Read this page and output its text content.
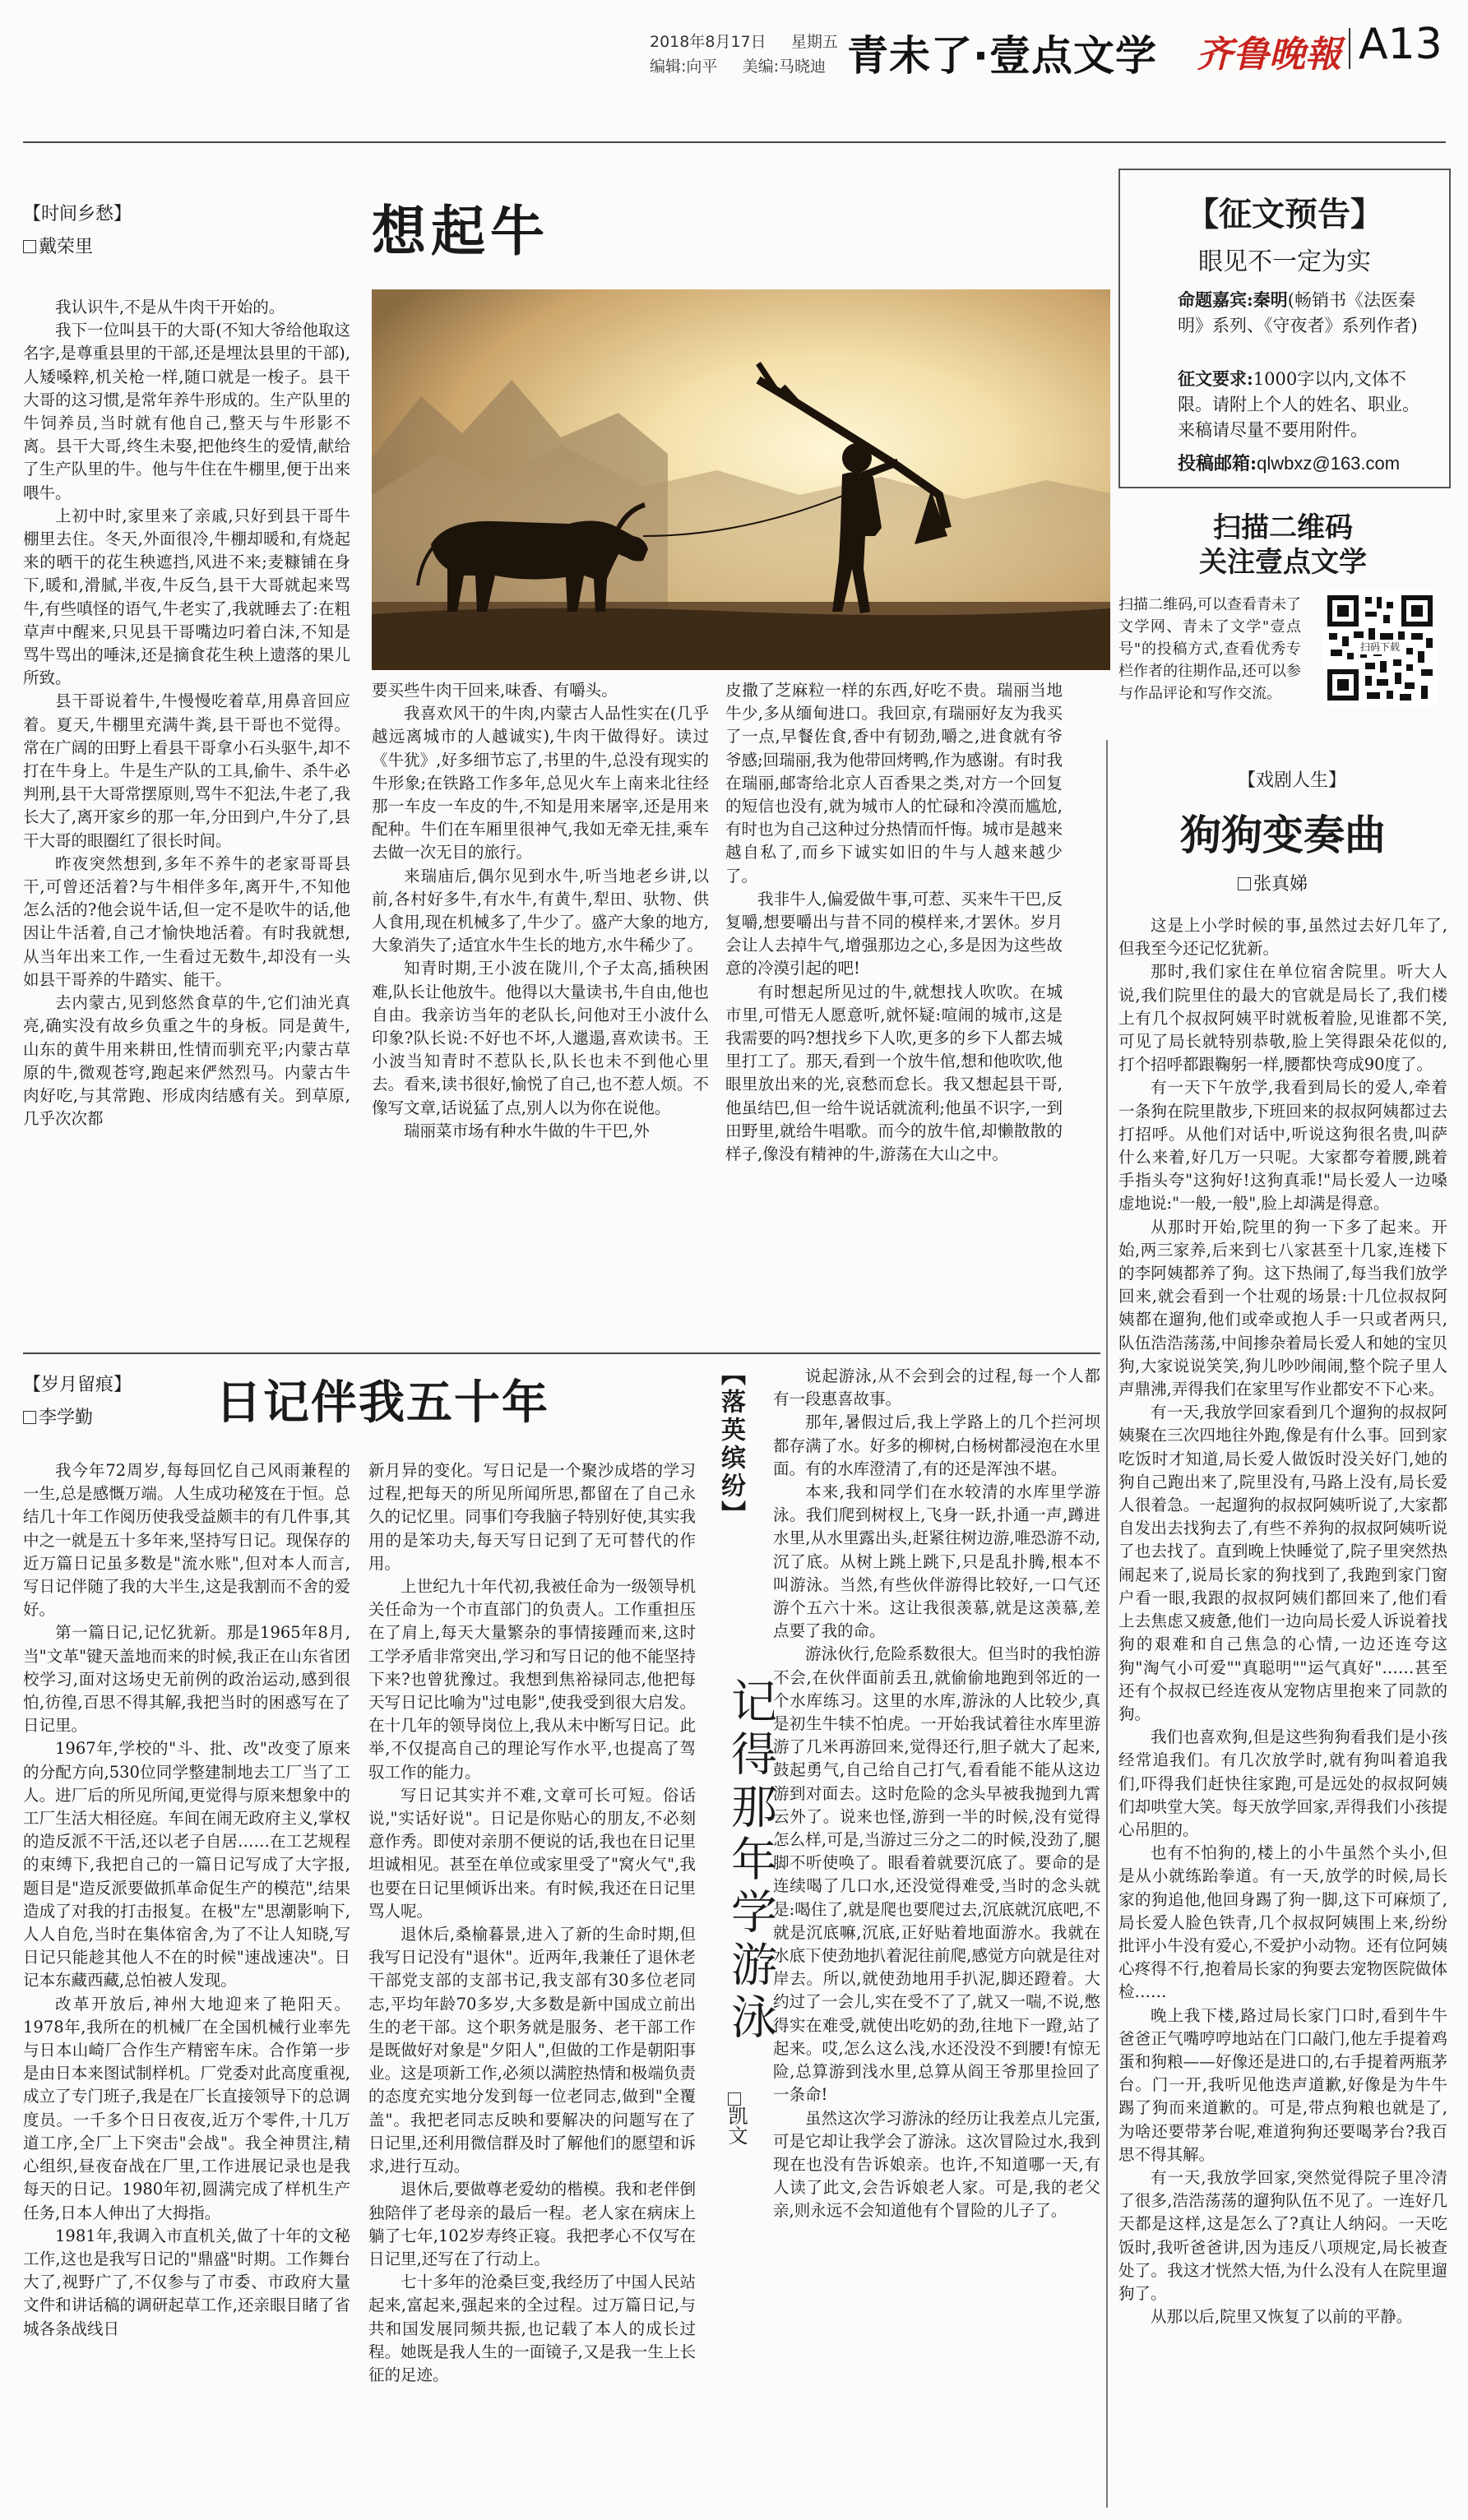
2018年8月17日 星期五
编辑:向平 美编:马晓迪 青未了·壹点文学 齐鲁晚報 A13
【时间乡愁】
戴荣里	想起牛

我认识牛,不是从牛肉干开始的。

我下一位叫县干的大哥(不知大爷给他取这名字,是尊重县里的干部,还是埋汰县里的干部),人矮嗓粹,机关枪一样,随口就是一梭子。县干大哥的这习惯,是常年养牛形成的。生产队里的牛饲养员,当时就有他自己,整天与牛形影不离。县干大哥,终生未娶,把他终生的爱情,献给了生产队里的牛。他与牛住在牛棚里,便于出来喂牛。

上初中时,家里来了亲戚,只好到县干哥牛棚里去住。冬天,外面很冷,牛棚却暖和,有烧起来的晒干的花生秧遮挡,风进不来;麦糠铺在身下,暖和,滑腻,半夜,牛反刍,县干大哥就起来骂牛,有些嗔怪的语气,牛老实了,我就睡去了:在粗草声中醒来,只见县干哥嘴边叼着白沫,不知是骂牛骂出的唾沫,还是摘食花生秧上遗落的果儿所致。

县干哥说着牛,牛慢慢吃着草,用鼻音回应着。夏天,牛棚里充满牛粪,县干哥也不觉得。常在广阔的田野上看县干哥拿小石头驱牛,却不打在牛身上。牛是生产队的工具,偷牛、杀牛必判刑,县干大哥常摆原则,骂牛不犯法,牛老了,我长大了,离开家乡的那一年,分田到户,牛分了,县干大哥的眼圈红了很长时间。

昨夜突然想到,多年不养牛的老家哥哥县干,可曾还活着?与牛相伴多年,离开牛,不知他怎么活的?他会说牛话,但一定不是吹牛的话,他因让牛活着,自己才愉快地活着。有时我就想,从当年出来工作,一生看过无数牛,却没有一头如县干哥养的牛踏实、能干。

去内蒙古,见到悠然食草的牛,它们油光真亮,确实没有故乡负重之牛的身板。同是黄牛,山东的黄牛用来耕田,性情而驯充平;内蒙古草原的牛,微观苍穹,跑起来俨然烈马。内蒙古牛肉好吃,与其常跑、形成肉结感有关。到草原,几乎次次都

要买些牛肉干回来,味香、有嚼头。

我喜欢风干的牛肉,内蒙古人品性实在(几乎越远离城市的人越诚实),牛肉干做得好。读过《牛犹》,好多细节忘了,书里的牛,总没有现实的牛形象;在铁路工作多年,总见火车上南来北往经那一车皮一车皮的牛,不知是用来屠宰,还是用来配种。牛们在车厢里很神气,我如无牵无挂,乘车去做一次无目的旅行。

来瑞庙后,偶尔见到水牛,听当地老乡讲,以前,各村好多牛,有水牛,有黄牛,犁田、驮物、供人食用,现在机械多了,牛少了。盛产大象的地方,大象消失了;适宜水牛生长的地方,水牛稀少了。

知青时期,王小波在陇川,个子太高,插秧困难,队长让他放牛。他得以大量读书,牛自由,他也自由。我亲访当年的老队长,问他对王小波什么印象?队长说:不好也不坏,人邋遢,喜欢读书。王小波当知青时不惹队长,队长也未不到他心里去。看来,读书很好,愉悦了自己,也不惹人烦。不像写文章,话说猛了点,别人以为你在说他。

瑞丽菜市场有种水牛做的牛干巴,外

皮撒了芝麻粒一样的东西,好吃不贵。瑞丽当地牛少,多从缅甸进口。我回京,有瑞丽好友为我买了一点,早餐佐食,香中有韧劲,嚼之,进食就有爷爷感;回瑞丽,我为他带回烤鸭,作为感谢。有时我在瑞丽,邮寄给北京人百香果之类,对方一个回复的短信也没有,就为城市人的忙碌和冷漠而尴尬,有时也为自己这种过分热情而忏悔。城市是越来越自私了,而乡下诚实如旧的牛与人越来越少了。

我非牛人,偏爱做牛事,可惹、买来牛干巴,反复嚼,想要嚼出与昔不同的模样来,才罢休。岁月会让人去掉牛气,增强那边之心,多是因为这些故意的冷漠引起的吧!

有时想起所见过的牛,就想找人吹吹。在城市里,可惜无人愿意听,就怀疑:喧闹的城市,这是我需要的吗?想找乡下人吹,更多的乡下人都去城里打工了。那天,看到一个放牛倌,想和他吹吹,他眼里放出来的光,哀愁而怠长。我又想起县干哥,他虽结巴,但一给牛说话就流利;他虽不识字,一到田野里,就给牛唱歌。而今的放牛倌,却懒散散的样子,像没有精神的牛,游荡在大山之中。

【征文预告】
眼见不一定为实
命题嘉宾:秦明(畅销书《法医秦明》系列、《守夜者》系列作者)
征文要求:1000字以内,文体不限。请附上个人的姓名、职业。来稿请尽量不要用附件。
投稿邮箱:qlwbxz@163.com
扫描二维码
关注壹点文学
扫描二维码,可以查看青未了文学网、青未了文学"壹点号"的投稿方式,查看优秀专栏作者的往期作品,还可以参与作品评论和写作交流。
扫码下载
【戏剧人生】
狗狗变奏曲
张真娣

这是上小学时候的事,虽然过去好几年了,但我至今还记忆犹新。

那时,我们家住在单位宿舍院里。听大人说,我们院里住的最大的官就是局长了,我们楼上有几个叔叔阿姨平时就板着脸,见谁都不笑,可见了局长就特别恭敬,脸上笑得跟朵花似的,打个招呼都跟鞠躬一样,腰都快弯成90度了。

有一天下午放学,我看到局长的爱人,牵着一条狗在院里散步,下班回来的叔叔阿姨都过去打招呼。从他们对话中,听说这狗很名贵,叫萨什么来着,好几万一只呢。大家都夸着腰,跳着手指头夸"这狗好!这狗真乖!"局长爱人一边嗓虚地说:"一般,一般",脸上却满是得意。

从那时开始,院里的狗一下多了起来。开始,两三家养,后来到七八家甚至十几家,连楼下的李阿姨都养了狗。这下热闹了,每当我们放学回来,就会看到一个壮观的场景:十几位叔叔阿姨都在遛狗,他们或牵或抱人手一只或者两只,队伍浩浩荡荡,中间掺杂着局长爱人和她的宝贝狗,大家说说笑笑,狗儿吵吵闹闹,整个院子里人声鼎沸,弄得我们在家里写作业都安不下心来。

有一天,我放学回家看到几个遛狗的叔叔阿姨聚在三次四地往外跑,像是有什么事。回到家吃饭时才知道,局长爱人做饭时没关好门,她的狗自己跑出来了,院里没有,马路上没有,局长爱人很着急。一起遛狗的叔叔阿姨听说了,大家都自发出去找狗去了,有些不养狗的叔叔阿姨听说了也去找了。直到晚上快睡觉了,院子里突然热闹起来了,说局长家的狗找到了,我跑到家门窗户看一眼,我跟的叔叔阿姨们都回来了,他们看上去焦虑又疲惫,他们一边向局长爱人诉说着找狗的艰难和自己焦急的心情,一边还连夸这狗"淘气小可爱""真聪明""运气真好"……甚至还有个叔叔已经连夜从宠物店里抱来了同款的狗。

我们也喜欢狗,但是这些狗狗看我们是小孩经常追我们。有几次放学时,就有狗叫着追我们,吓得我们赶快往家跑,可是远处的叔叔阿姨们却哄堂大笑。每天放学回家,弄得我们小孩提心吊胆的。

也有不怕狗的,楼上的小牛虽然个头小,但是从小就练跆拳道。有一天,放学的时候,局长家的狗追他,他回身踢了狗一脚,这下可麻烦了,局长爱人脸色铁青,几个叔叔阿姨围上来,纷纷批评小牛没有爱心,不爱护小动物。还有位阿姨心疼得不行,抱着局长家的狗要去宠物医院做体检……

晚上我下楼,路过局长家门口时,看到牛牛爸爸正气嘴哼哼地站在门口敲门,他左手提着鸡蛋和狗粮——好像还是进口的,右手提着两瓶茅台。门一开,我听见他迭声道歉,好像是为牛牛踢了狗而来道歉的。可是,带点狗粮也就是了,为啥还要带茅台呢,难道狗狗还要喝茅台?我百思不得其解。

有一天,我放学回家,突然觉得院子里冷清了很多,浩浩荡荡的遛狗队伍不见了。一连好几天都是这样,这是怎么了?真让人纳闷。一天吃饭时,我听爸爸讲,因为违反八项规定,局长被查处了。我这才恍然大悟,为什么没有人在院里遛狗了。

从那以后,院里又恢复了以前的平静。

【岁月留痕】
李学勤	日记伴我五十年

我今年72周岁,每每回忆自己风雨兼程的一生,总是感慨万端。人生成功秘笈在于恒。总结几十年工作阅历使我受益颇丰的有几件事,其中之一就是五十多年来,坚持写日记。现保存的近万篇日记虽多数是"流水账",但对本人而言,写日记伴随了我的大半生,这是我割而不舍的爱好。

第一篇日记,记忆犹新。那是1965年8月,当"文革"键天盖地而来的时候,我正在山东省团校学习,面对这场史无前例的政治运动,感到很怕,彷徨,百思不得其解,我把当时的困惑写在了日记里。

1967年,学校的"斗、批、改"改变了原来的分配方向,530位同学整建制地去工厂当了工人。进厂后的所见所闻,更觉得与原来想象中的工厂生活大相径庭。车间在闹无政府主义,掌权的造反派不干活,还以老子自居……在工艺规程的束缚下,我把自己的一篇日记写成了大字报,题目是"造反派要做抓革命促生产的模范",结果造成了对我的打击报复。在极"左"思潮影响下,人人自危,当时在集体宿舍,为了不让人知晓,写日记只能趁其他人不在的时候"速战速决"。日记本东藏西藏,总怕被人发现。

改革开放后,神州大地迎来了艳阳天。1978年,我所在的机械厂在全国机械行业率先与日本山崎厂合作生产精密车床。合作第一步是由日本来图试制样机。厂党委对此高度重视,成立了专门班子,我是在厂长直接领导下的总调度员。一千多个日日夜夜,近万个零件,十几万道工序,全厂上下突击"会战"。我全神贯注,精心组织,昼夜奋战在厂里,工作进展记录也是我每天的日记。1980年初,圆满完成了样机生产任务,日本人伸出了大拇指。

1981年,我调入市直机关,做了十年的文秘工作,这也是我写日记的"鼎盛"时期。工作舞台大了,视野广了,不仅参与了市委、市政府大量文件和讲话稿的调研起草工作,还亲眼目睹了省城各条战线日

新月异的变化。写日记是一个聚沙成塔的学习过程,把每天的所见所闻所思,都留在了自己永久的记忆里。同事们夸我脑子特别好使,其实我用的是笨功夫,每天写日记到了无可替代的作用。

上世纪九十年代初,我被任命为一级领导机关任命为一个市直部门的负责人。工作重担压在了肩上,每天大量繁杂的事情接踵而来,这时工学矛盾非常突出,学习和写日记的他不能坚持下来?也曾犹豫过。我想到焦裕禄同志,他把每天写日记比喻为"过电影",使我受到很大启发。在十几年的领导岗位上,我从未中断写日记。此举,不仅提高自己的理论写作水平,也提高了驾驭工作的能力。

写日记其实并不难,文章可长可短。俗话说,"实话好说"。日记是你贴心的朋友,不必刻意作秀。即使对亲朋不便说的话,我也在日记里坦诚相见。甚至在单位或家里受了"窝火气",我也要在日记里倾诉出来。有时候,我还在日记里骂人呢。

退休后,桑榆暮景,进入了新的生命时期,但我写日记没有"退休"。近两年,我兼任了退休老干部党支部的支部书记,我支部有30多位老同志,平均年龄70多岁,大多数是新中国成立前出生的老干部。这个职务就是服务、老干部工作是既做好对象是"夕阳人",但做的工作是朝阳事业。这是项新工作,必须以满腔热情和极端负责的态度充实地分发到每一位老同志,做到"全覆盖"。我把老同志反映和要解决的问题写在了日记里,还利用微信群及时了解他们的愿望和诉求,进行互动。

退休后,要做尊老爱幼的楷模。我和老伴倒独陪伴了老母亲的最后一程。老人家在病床上躺了七年,102岁寿终正寝。我把孝心不仅写在日记里,还写在了行动上。

七十多年的沧桑巨变,我经历了中国人民站起来,富起来,强起来的全过程。过万篇日记,与共和国发展同频共振,也记载了本人的成长过程。她既是我人生的一面镜子,又是我一生上长征的足迹。

【落英缤纷】
记得那年学游泳
凯文

说起游泳,从不会到会的过程,每一个人都有一段惠喜故事。

那年,暑假过后,我上学路上的几个拦河坝都存满了水。好多的柳树,白杨树都浸泡在水里面。有的水库澄清了,有的还是浑浊不堪。

本来,我和同学们在水较清的水库里学游泳。我们爬到树杈上,飞身一跃,扑通一声,蹲进水里,从水里露出头,赶紧往树边游,唯恐游不动,沉了底。从树上跳上跳下,只是乱扑腾,根本不叫游泳。当然,有些伙伴游得比较好,一口气还游个五六十米。这让我很羡慕,就是这羡慕,差点要了我的命。

游泳伙行,危险系数很大。但当时的我怕游不会,在伙伴面前丢丑,就偷偷地跑到邻近的一个水库练习。这里的水库,游泳的人比较少,真是初生牛犊不怕虎。一开始我试着往水库里游游了几米再游回来,觉得还行,胆子就大了起来,鼓起勇气,自己给自己打气,看看能不能从这边游到对面去。这时危险的念头早被我抛到九霄云外了。说来也怪,游到一半的时候,没有觉得怎么样,可是,当游过三分之二的时候,没劲了,腿脚不听使唤了。眼看着就要沉底了。要命的是连续喝了几口水,还没觉得难受,当时的念头就是:喝住了,就是爬也要爬过去,沉底就沉底吧,不就是沉底嘛,沉底,正好贴着地面游水。我就在水底下使劲地扒着泥往前爬,感觉方向就是往对岸去。所以,就使劲地用手扒泥,脚还蹬着。大约过了一会儿,实在受不了了,就又一喘,不说,憋得实在难受,就使出吃奶的劲,往地下一蹬,站了起来。哎,怎么这么浅,水还没没不到腰!有惊无险,总算游到浅水里,总算从阎王爷那里捡回了一条命!

虽然这次学习游泳的经历让我差点儿完蛋,可是它却让我学会了游泳。这次冒险过水,我到现在也没有告诉娘亲。也许,不知道哪一天,有人读了此文,会告诉娘老人家。可是,我的老父亲,则永远不会知道他有个冒险的儿子了。
